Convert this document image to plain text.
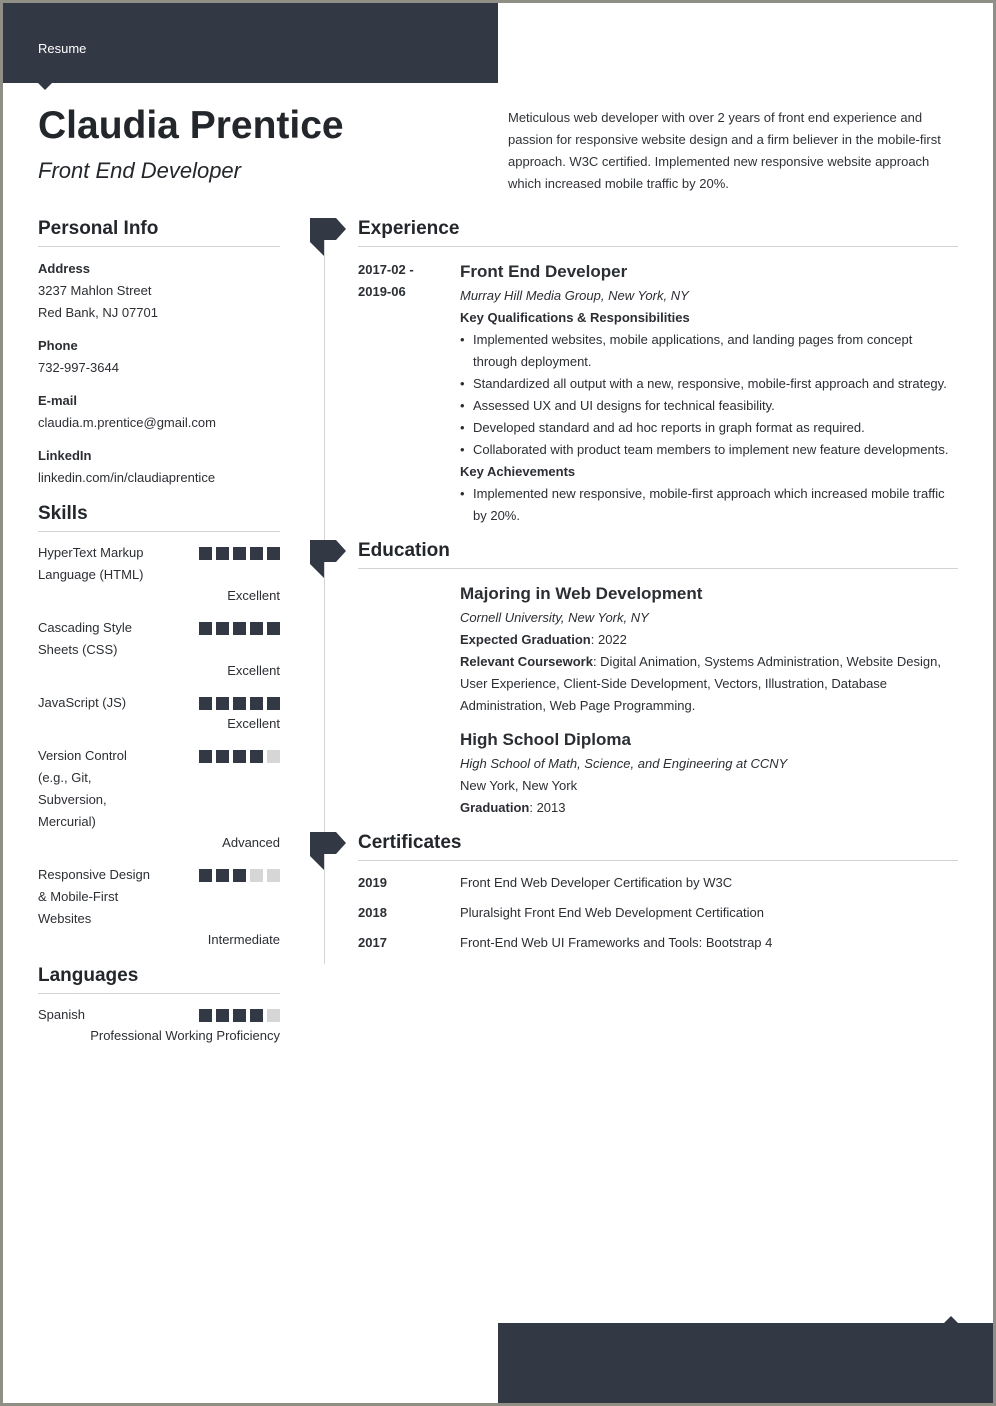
Resume
Claudia Prentice
Front End Developer
Meticulous web developer with over 2 years of front end experience and passion for responsive website design and a firm believer in the mobile-first approach. W3C certified. Implemented new responsive website approach which increased mobile traffic by 20%.
Personal Info
Address
3237 Mahlon Street
Red Bank, NJ 07701
Phone
732-997-3644
E-mail
claudia.m.prentice@gmail.com
LinkedIn
linkedin.com/in/claudiaprentice
Skills
HyperText Markup Language (HTML)
Excellent
Cascading Style Sheets (CSS)
Excellent
JavaScript (JS)
Excellent
Version Control (e.g., Git, Subversion, Mercurial)
Advanced
Responsive Design & Mobile-First Websites
Intermediate
Languages
Spanish
Professional Working Proficiency
Experience
2017-02 - 2019-06
Front End Developer
Murray Hill Media Group, New York, NY
Key Qualifications & Responsibilities
• Implemented websites, mobile applications, and landing pages from concept through deployment.
• Standardized all output with a new, responsive, mobile-first approach and strategy.
• Assessed UX and UI designs for technical feasibility.
• Developed standard and ad hoc reports in graph format as required.
• Collaborated with product team members to implement new feature developments.
Key Achievements
• Implemented new responsive, mobile-first approach which increased mobile traffic by 20%.
Education
Majoring in Web Development
Cornell University, New York, NY
Expected Graduation: 2022
Relevant Coursework: Digital Animation, Systems Administration, Website Design, User Experience, Client-Side Development, Vectors, Illustration, Database Administration, Web Page Programming.
High School Diploma
High School of Math, Science, and Engineering at CCNY
New York, New York
Graduation: 2013
Certificates
2019	Front End Web Developer Certification by W3C
2018	Pluralsight Front End Web Development Certification
2017	Front-End Web UI Frameworks and Tools: Bootstrap 4
